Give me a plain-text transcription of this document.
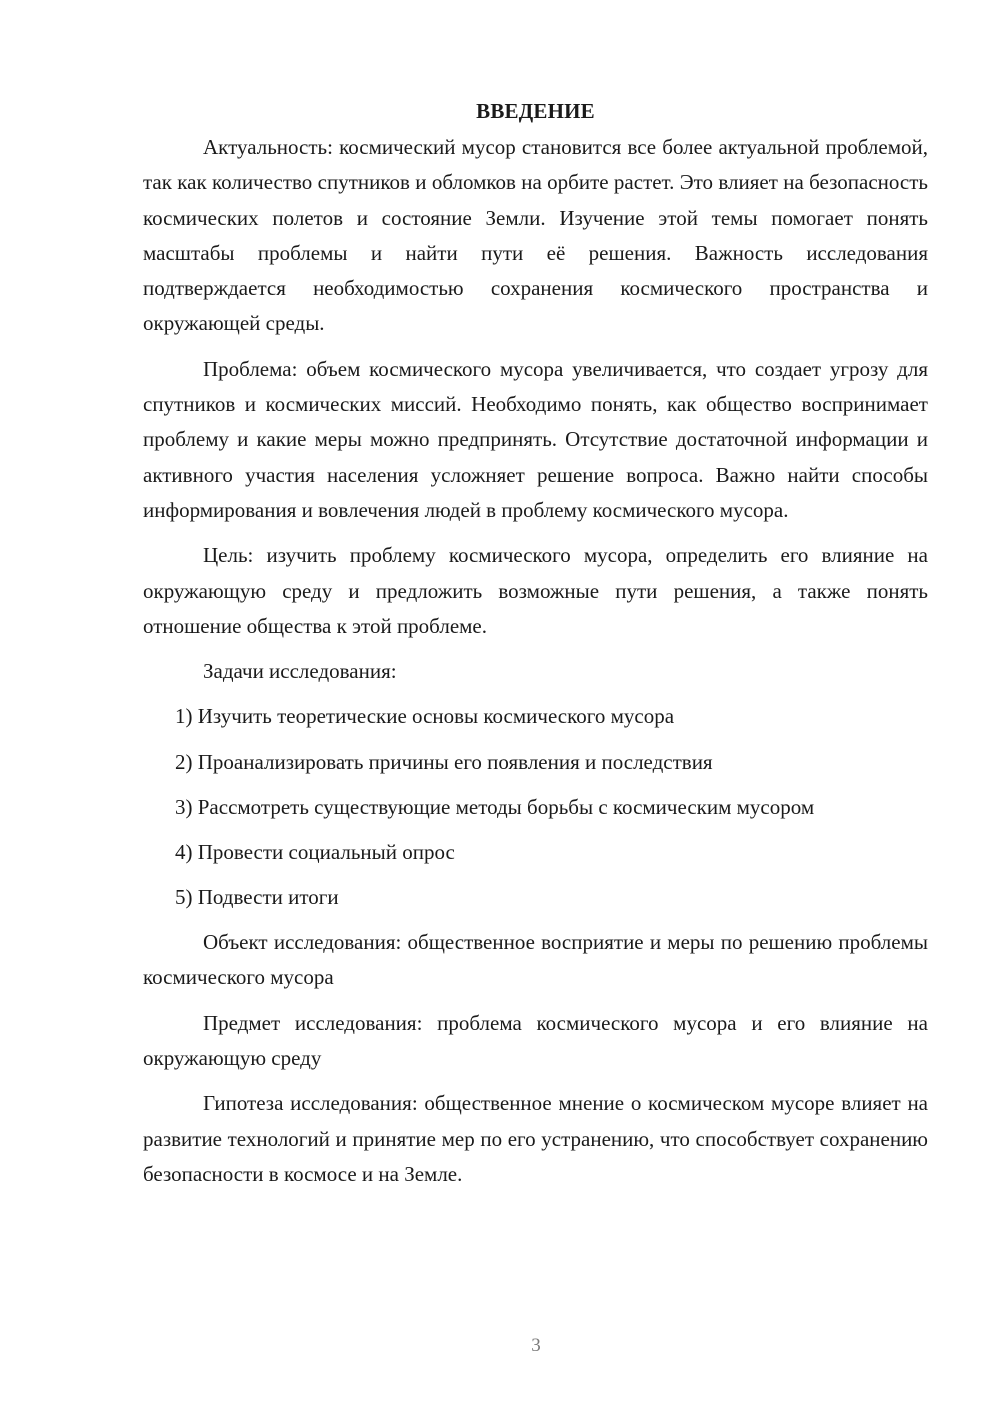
ВВЕДЕНИЕ

Актуальность: космический мусор становится все более актуальной проблемой, так как количество спутников и обломков на орбите растет. Это влияет на безопасность космических полетов и состояние Земли. Изучение этой темы помогает понять масштабы проблемы и найти пути её решения. Важность исследования подтверждается необходимостью сохранения космического пространства и окружающей среды.

Проблема: объем космического мусора увеличивается, что создает угрозу для спутников и космических миссий. Необходимо понять, как общество воспринимает проблему и какие меры можно предпринять. Отсутствие достаточной информации и активного участия населения усложняет решение вопроса. Важно найти способы информирования и вовлечения людей в проблему космического мусора.

Цель: изучить проблему космического мусора, определить его влияние на окружающую среду и предложить возможные пути решения, а также понять отношение общества к этой проблеме.

Задачи исследования:

1) Изучить теоретические основы космического мусора
2) Проанализировать причины его появления и последствия
3) Рассмотреть существующие методы борьбы с космическим мусором
4) Провести социальный опрос
5) Подвести итоги

Объект исследования: общественное восприятие и меры по решению проблемы космического мусора

Предмет исследования: проблема космического мусора и его влияние на окружающую среду

Гипотеза исследования: общественное мнение о космическом мусоре влияет на развитие технологий и принятие мер по его устранению, что способствует сохранению безопасности в космосе и на Земле.

3
